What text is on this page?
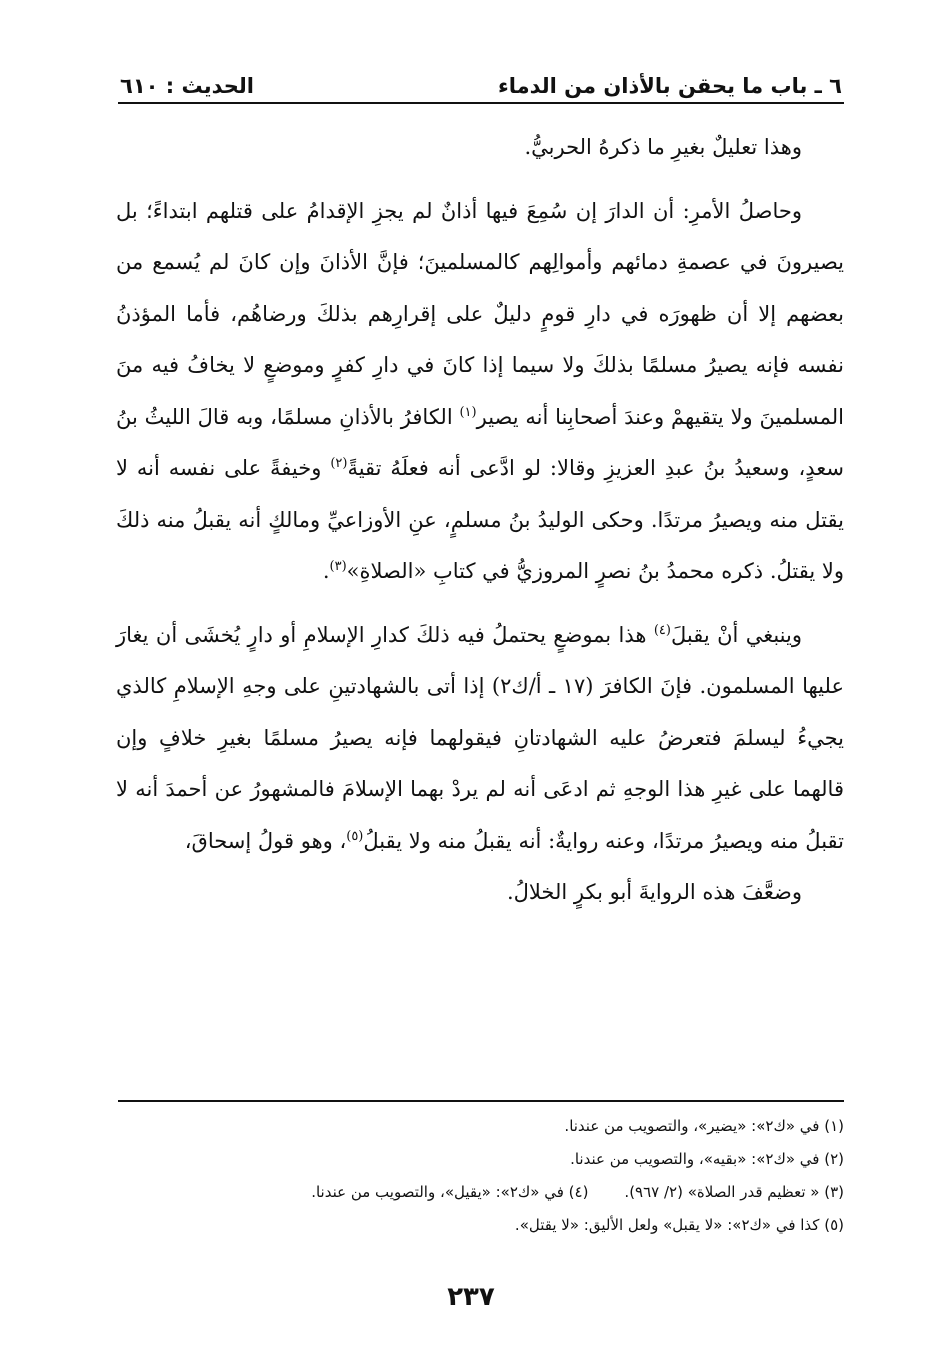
٦ ـ باب ما يحقن بالأذان من الدماء
الحديث : ٦١٠

وهذا تعليلٌ بغيرِ ما ذكرهُ الحربيُّ.

وحاصلُ الأمرِ: أن الدارَ إن سُمِعَ فيها أذانٌ لم يجزِ الإقدامُ على قتلهم ابتداءً؛ بل يصيرونَ في عصمةِ دمائهم وأموالِهم كالمسلمينَ؛ فإنَّ الأذانَ وإن كانَ لم يُسمع من بعضهم إلا أن ظهورَه في دارِ قومٍ دليلٌ على إقرارِهم بذلكَ ورضاهُم، فأما المؤذنُ نفسه فإنه يصيرُ مسلمًا بذلكَ ولا سيما إذا كانَ في دارِ كفرٍ وموضعٍ لا يخافُ فيه منَ المسلمينَ ولا يتقيهمْ وعندَ أصحابِنا أنه يصير$^{(١)}$ الكافرُ بالأذانِ مسلمًا، وبه قالَ الليثُ بنُ سعدٍ، وسعيدُ بنُ عبدِ العزيزِ وقالا: لو ادَّعى أنه فعلَهُ تقيةً$^{(٢)}$ وخيفةً على نفسه أنه لا يقتل منه ويصيرُ مرتدًا. وحكى الوليدُ بنُ مسلمٍ، عنِ الأوزاعيِّ ومالكٍ أنه يقبلُ منه ذلكَ ولا يقتلُ. ذكره محمدُ بنُ نصرٍ المروزيُّ في كتابِ «الصلاةِ»$^{(٣)}$.

وينبغي أنْ يقبلَ$^{(٤)}$ هذا بموضعٍ يحتملُ فيه ذلكَ كدارِ الإسلامِ أو دارٍ يُخشَى أن يغارَ عليها المسلمون. فإنَ الكافرَ (١٧ ـ أ/ك٢) إذا أتى بالشهادتينِ على وجهِ الإسلامِ كالذي يجيءُ ليسلمَ فتعرضُ عليه الشهادتانِ فيقولهما فإنه يصيرُ مسلمًا بغيرِ خلافٍ وإن قالهما على غيرِ هذا الوجهِ ثم ادعَى أنه لم يردْ بهما الإسلامَ فالمشهورُ عن أحمدَ أنه لا تقبلُ منه ويصيرُ مرتدًا، وعنه روايةٌ: أنه يقبلُ منه ولا يقبلُ$^{(٥)}$، وهو قولُ إسحاقَ،

وضعَّفَ هذه الروايةَ أبو بكرٍ الخلالُ.

(١) في «ك٢»: «يضير»، والتصويب من عندنا.
(٢) في «ك٢»: «بقيه»، والتصويب من عندنا.
(٣) « تعظيم قدر الصلاة» (٢/ ٩٦٧).(٤) في «ك٢»: «يقيل»، والتصويب من عندنا.
(٥) كذا في «ك٢»: «لا يقبل» ولعل الأليق: «لا يقتل».
٢٣٧
